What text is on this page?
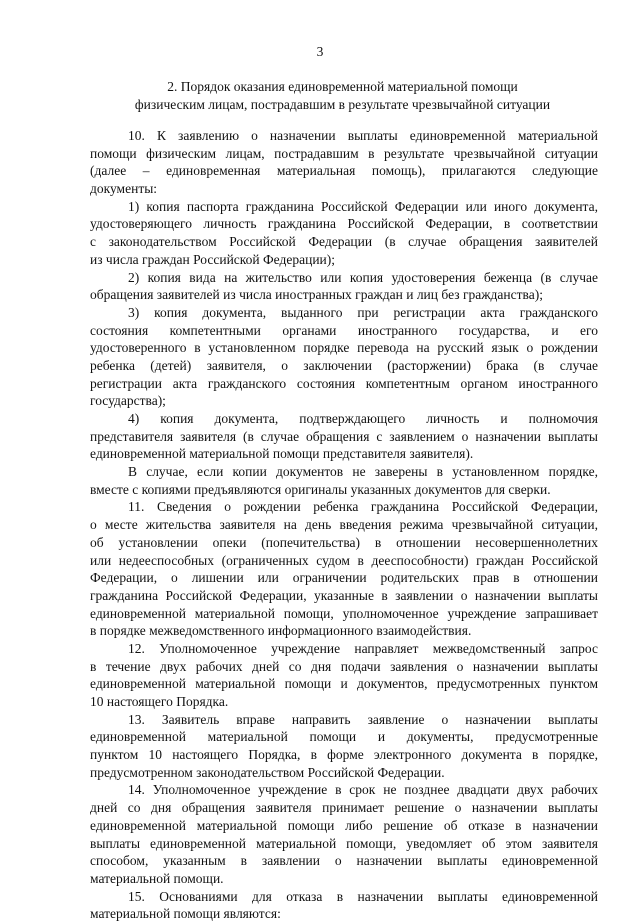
3
2. Порядок оказания единовременной материальной помощи
физическим лицам, пострадавшим в результате чрезвычайной ситуации
10. К заявлению о назначении выплаты единовременной материальной
помощи физическим лицам, пострадавшим в результате чрезвычайной ситуации
(далее – единовременная материальная помощь), прилагаются следующие
документы:
1) копия паспорта гражданина Российской Федерации или иного документа,
удостоверяющего личность гражданина Российской Федерации, в соответствии
с законодательством Российской Федерации (в случае обращения заявителей
из числа граждан Российской Федерации);
2) копия вида на жительство или копия удостоверения беженца (в случае
обращения заявителей из числа иностранных граждан и лиц без гражданства);
3) копия документа, выданного при регистрации акта гражданского
состояния компетентными органами иностранного государства, и его
удостоверенного в установленном порядке перевода на русский язык о рождении
ребенка (детей) заявителя, о заключении (расторжении) брака (в случае
регистрации акта гражданского состояния компетентным органом иностранного
государства);
4) копия документа, подтверждающего личность и полномочия
представителя заявителя (в случае обращения с заявлением о назначении выплаты
единовременной материальной помощи представителя заявителя).
В случае, если копии документов не заверены в установленном порядке,
вместе с копиями предъявляются оригиналы указанных документов для сверки.
11. Сведения о рождении ребенка гражданина Российской Федерации,
о месте жительства заявителя на день введения режима чрезвычайной ситуации,
об установлении опеки (попечительства) в отношении несовершеннолетних
или недееспособных (ограниченных судом в дееспособности) граждан Российской
Федерации, о лишении или ограничении родительских прав в отношении
гражданина Российской Федерации, указанные в заявлении о назначении выплаты
единовременной материальной помощи, уполномоченное учреждение запрашивает
в порядке межведомственного информационного взаимодействия.
12. Уполномоченное учреждение направляет межведомственный запрос
в течение двух рабочих дней со дня подачи заявления о назначении выплаты
единовременной материальной помощи и документов, предусмотренных пунктом
10 настоящего Порядка.
13. Заявитель вправе направить заявление о назначении выплаты
единовременной материальной помощи и документы, предусмотренные
пунктом 10 настоящего Порядка, в форме электронного документа в порядке,
предусмотренном законодательством Российской Федерации.
14. Уполномоченное учреждение в срок не позднее двадцати двух рабочих
дней со дня обращения заявителя принимает решение о назначении выплаты
единовременной материальной помощи либо решение об отказе в назначении
выплаты единовременной материальной помощи, уведомляет об этом заявителя
способом, указанным в заявлении о назначении выплаты единовременной
материальной помощи.
15. Основаниями для отказа в назначении выплаты единовременной
материальной помощи являются:
